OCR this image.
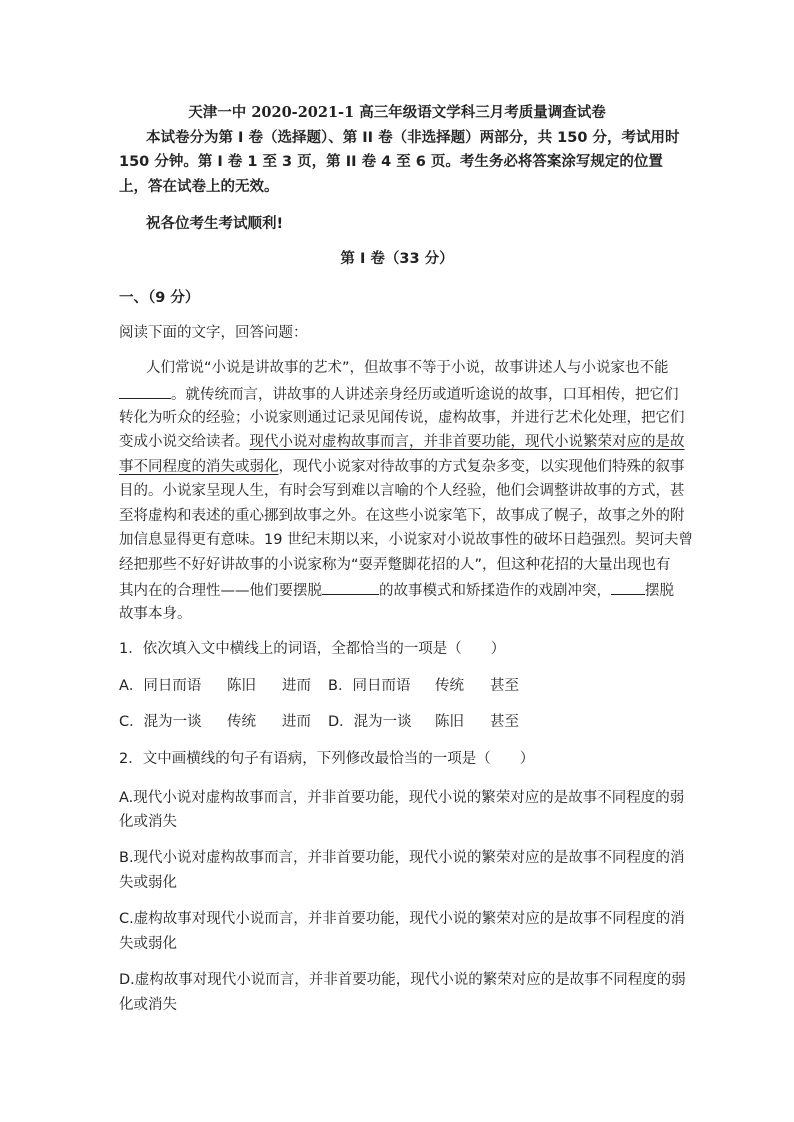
天津一中 2020-2021-1 高三年级语文学科三月考质量调查试卷
本试卷分为第 I 卷（选择题）、第 II 卷（非选择题）两部分，共 150 分，考试用时
150 分钟。第 I 卷 1 至 3 页，第 II 卷 4 至 6 页。考生务必将答案涂写规定的位置
上，答在试卷上的无效。
祝各位考生考试顺利!
第 I 卷（33 分）
一、（9 分）
阅读下面的文字，回答问题：
人们常说“小说是讲故事的艺术”，但故事不等于小说，故事讲述人与小说家也不能
。就传统而言，讲故事的人讲述亲身经历或道听途说的故事，口耳相传，把它们
转化为听众的经验；小说家则通过记录见闻传说，虚构故事，并进行艺术化处理，把它们
变成小说交给读者。现代小说对虚构故事而言，并非首要功能，现代小说繁荣对应的是故
事不同程度的消失或弱化，现代小说家对待故事的方式复杂多变，以实现他们特殊的叙事
目的。小说家呈现人生，有时会写到难以言喻的个人经验，他们会调整讲故事的方式，甚
至将虚构和表述的重心挪到故事之外。在这些小说家笔下，故事成了幌子，故事之外的附
加信息显得更有意味。19 世纪末期以来，小说家对小说故事性的破坏日趋强烈。契诃夫曾
经把那些不好好讲故事的小说家称为“耍弄蹩脚花招的人”，但这种花招的大量出现也有
其内在的合理性——他们要摆脱	的故事模式和矫揉造作的戏剧冲突， 摆脱
故事本身。
1．依次填入文中横线上的词语，全都恰当的一项是（　　）
A．同日而语 陈旧 进而 B．同日而语 传统 甚至
C．混为一谈 传统 进而 D．混为一谈 陈旧 甚至
2．文中画横线的句子有语病，下列修改最恰当的一项是（　　）
A.现代小说对虚构故事而言，并非首要功能，现代小说的繁荣对应的是故事不同程度的弱
化或消失
B.现代小说对虚构故事而言，并非首要功能，现代小说的繁荣对应的是故事不同程度的消
失或弱化
C.虚构故事对现代小说而言，并非首要功能，现代小说的繁荣对应的是故事不同程度的消
失或弱化
D.虚构故事对现代小说而言，并非首要功能，现代小说的繁荣对应的是故事不同程度的弱
化或消失
